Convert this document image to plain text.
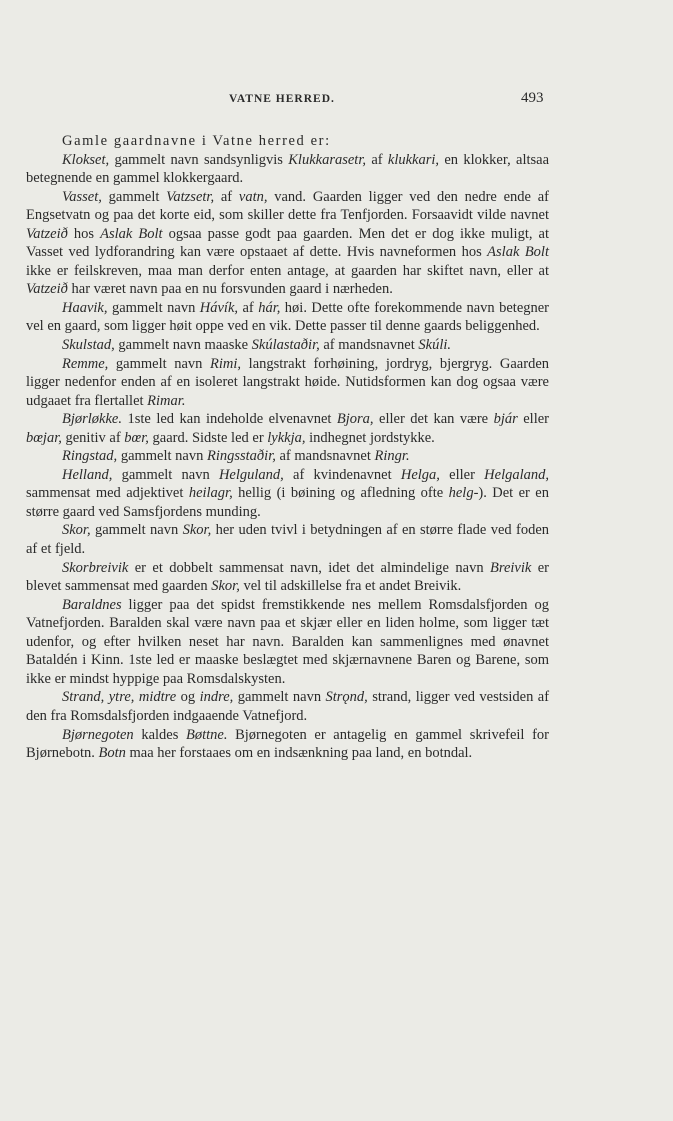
VATNE HERRED.	493
Gamle gaardnavne i Vatne herred er:

Klokset, gammelt navn sandsynligvis Klukkarasetr, af klukkari, en klokker, altsaa betegnende en gammel klokkergaard.

Vasset, gammelt Vatzsetr, af vatn, vand. Gaarden ligger ved den nedre ende af Engsetvatn og paa det korte eid, som skiller dette fra Tenfjorden. Forsaavidt vilde navnet Vatzeið hos Aslak Bolt ogsaa passe godt paa gaarden. Men det er dog ikke muligt, at Vasset ved lydforandring kan være opstaaet af dette. Hvis navneformen hos Aslak Bolt ikke er feilskreven, maa man derfor enten antage, at gaarden har skiftet navn, eller at Vatzeið har været navn paa en nu forsvunden gaard i nærheden.

Haavik, gammelt navn Hávík, af hár, høi. Dette ofte forekommende navn betegner vel en gaard, som ligger høit oppe ved en vik. Dette passer til denne gaards beliggenhed.

Skulstad, gammelt navn maaske Skúlastaðir, af mandsnavnet Skúli.

Remme, gammelt navn Rimi, langstrakt forhøining, jordryg, bjergryg. Gaarden ligger nedenfor enden af en isoleret langstrakt høide. Nutidsformen kan dog ogsaa være udgaaet fra flertallet Rimar.

Bjørløkke. 1ste led kan indeholde elvenavnet Bjora, eller det kan være bjár eller bœjar, genitiv af bœr, gaard. Sidste led er lykkja, indhegnet jordstykke.

Ringstad, gammelt navn Ringsstaðir, af mandsnavnet Ringr.

Helland, gammelt navn Helguland, af kvindenavnet Helga, eller Helgaland, sammensat med adjektivet heilagr, hellig (i bøining og afledning ofte helg-). Det er en større gaard ved Samsfjordens munding.

Skor, gammelt navn Skor, her uden tvivl i betydningen af en større flade ved foden af et fjeld.

Skorbreivik er et dobbelt sammensat navn, idet det almindelige navn Breivik er blevet sammensat med gaarden Skor, vel til adskillelse fra et andet Breivik.

Baraldnes ligger paa det spidst fremstikkende nes mellem Romsdalsfjorden og Vatnefjorden. Baralden skal være navn paa et skjær eller en liden holme, som ligger tæt udenfor, og efter hvilken neset har navn. Baralden kan sammenlignes med ønavnet Bataldén i Kinn. 1ste led er maaske beslægtet med skjærnavnene Baren og Barene, som ikke er mindst hyppige paa Romsdalskysten.

Strand, ytre, midtre og indre, gammelt navn Strǫnd, strand, ligger ved vestsiden af den fra Romsdalsfjorden indgaaende Vatnefjord.

Bjørnegoten kaldes Bøttne. Bjørnegoten er antagelig en gammel skrivefeil for Bjørnebotn. Botn maa her forstaaes om en indsænkning paa land, en botndal.
